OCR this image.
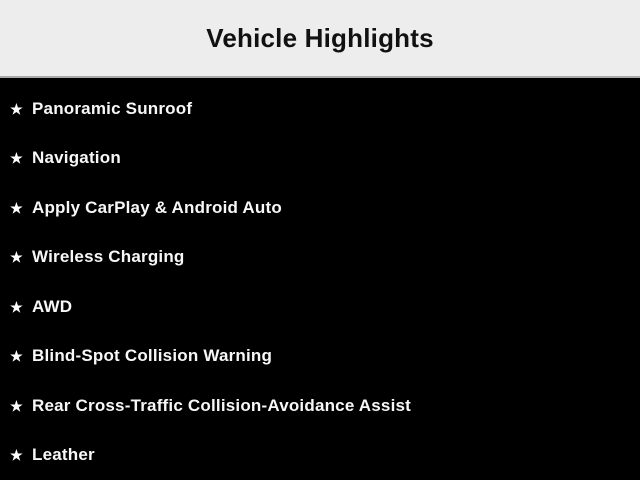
Vehicle Highlights
★ Panoramic Sunroof
★ Navigation
★ Apply CarPlay & Android Auto
★ Wireless Charging
★ AWD
★ Blind-Spot Collision Warning
★ Rear Cross-Traffic Collision-Avoidance Assist
★ Leather
